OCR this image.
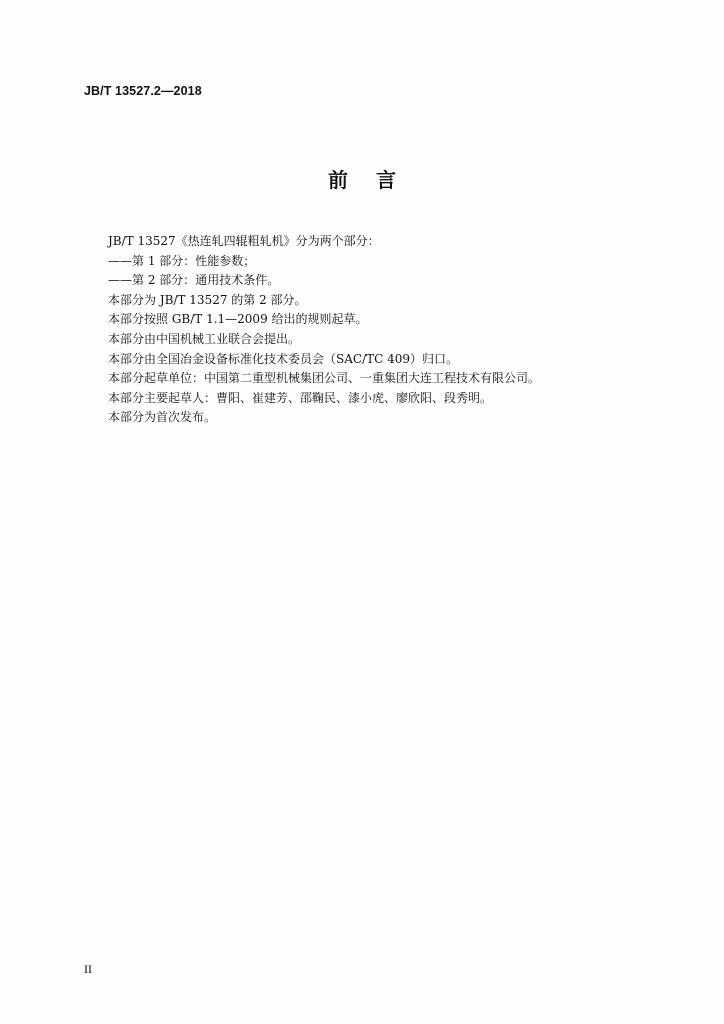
JB/T 13527.2—2018
前言
JB/T 13527《热连轧四辊粗轧机》分为两个部分：
——第 1 部分：性能参数；
——第 2 部分：通用技术条件。
本部分为 JB/T 13527 的第 2 部分。
本部分按照 GB/T 1.1—2009 给出的规则起草。
本部分由中国机械工业联合会提出。
本部分由全国冶金设备标准化技术委员会（SAC/TC 409）归口。
本部分起草单位：中国第二重型机械集团公司、一重集团大连工程技术有限公司。
本部分主要起草人：曹阳、崔建芳、邵鞠民、漆小虎、廖欣阳、段秀明。
本部分为首次发布。
II
